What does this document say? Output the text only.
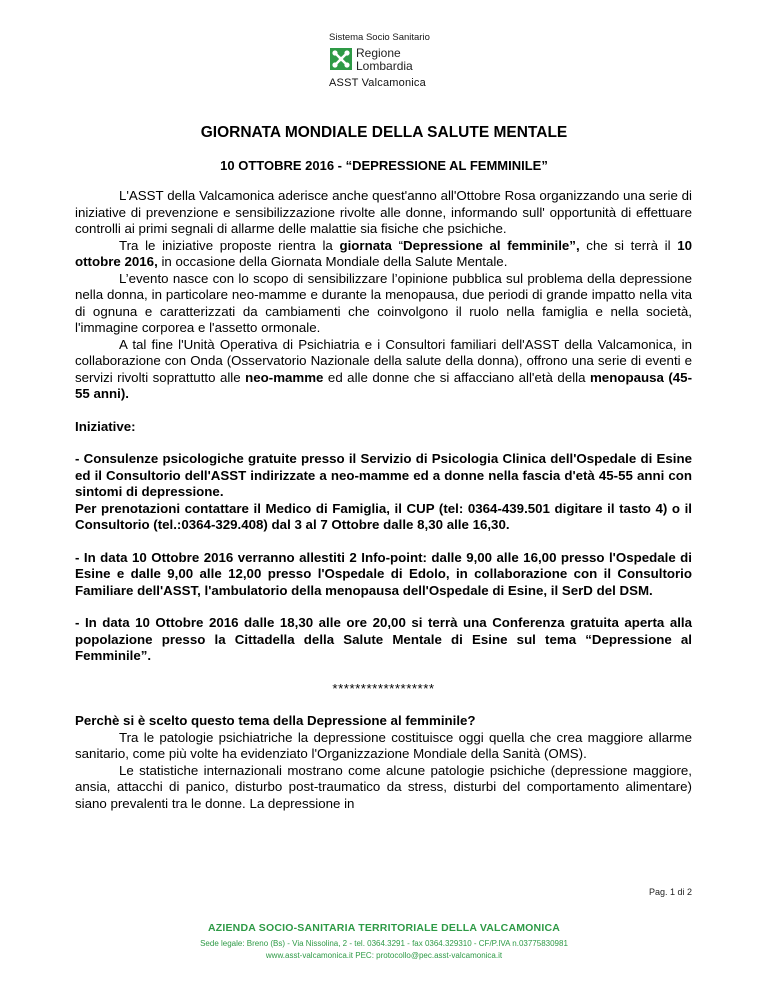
Sistema Socio Sanitario
Regione
Lombardia
ASST Valcamonica
GIORNATA MONDIALE DELLA SALUTE MENTALE
10 OTTOBRE 2016 - “DEPRESSIONE AL FEMMINILE”

L'ASST della Valcamonica aderisce anche quest'anno all'Ottobre Rosa organizzando una serie di iniziative di prevenzione e sensibilizzazione rivolte alle donne, informando sull' opportunità di effettuare controlli ai primi segnali di allarme delle malattie sia fisiche che psichiche.

Tra le iniziative proposte rientra la giornata “Depressione al femminile”, che si terrà il 10 ottobre 2016, in occasione della Giornata Mondiale della Salute Mentale.

L’evento nasce con lo scopo di sensibilizzare l’opinione pubblica sul problema della depressione nella donna, in particolare neo-mamme e durante la menopausa, due periodi di grande impatto nella vita di ognuna e caratterizzati da cambiamenti che coinvolgono il ruolo nella famiglia e nella società, l'immagine corporea e l'assetto ormonale.

A tal fine l'Unità Operativa di Psichiatria e i Consultori familiari dell'ASST della Valcamonica, in collaborazione con Onda (Osservatorio Nazionale della salute della donna), offrono una serie di eventi e servizi rivolti soprattutto alle neo-mamme ed alle donne che si affacciano all'età della menopausa (45-55 anni).

Iniziative:

- Consulenze psicologiche gratuite presso il Servizio di Psicologia Clinica dell'Ospedale di Esine ed il Consultorio dell'ASST indirizzate a neo-mamme ed a donne nella fascia d'età 45-55 anni con sintomi di depressione.

Per prenotazioni contattare il Medico di Famiglia, il CUP (tel: 0364-439.501 digitare il tasto 4) o il Consultorio (tel.:0364-329.408) dal 3 al 7 Ottobre dalle 8,30 alle 16,30.

- In data 10 Ottobre 2016 verranno allestiti 2 Info-point: dalle 9,00 alle 16,00 presso l'Ospedale di Esine e dalle 9,00 alle 12,00 presso l'Ospedale di Edolo, in collaborazione con il Consultorio Familiare dell'ASST, l'ambulatorio della menopausa dell'Ospedale di Esine, il SerD del DSM.

- In data 10 Ottobre 2016 dalle 18,30 alle ore 20,00 si terrà una Conferenza gratuita aperta alla popolazione presso la Cittadella della Salute Mentale di Esine sul tema “Depressione al Femminile”.

******************

Perchè si è scelto questo tema della Depressione al femminile?

Tra le patologie psichiatriche la depressione costituisce oggi quella che crea maggiore allarme sanitario, come più volte ha evidenziato l'Organizzazione Mondiale della Sanità (OMS).

Le statistiche internazionali mostrano come alcune patologie psichiche (depressione maggiore, ansia, attacchi di panico, disturbo post-traumatico da stress, disturbi del comportamento alimentare) siano prevalenti tra le donne. La depressione in

Pag. 1 di 2
AZIENDA SOCIO-SANITARIA TERRITORIALE DELLA VALCAMONICA
Sede legale: Breno (Bs) - Via Nissolina, 2 - tel. 0364.3291 - fax 0364.329310 - CF/P.IVA n.03775830981
www.asst-valcamonica.it PEC: protocollo@pec.asst-valcamonica.it
